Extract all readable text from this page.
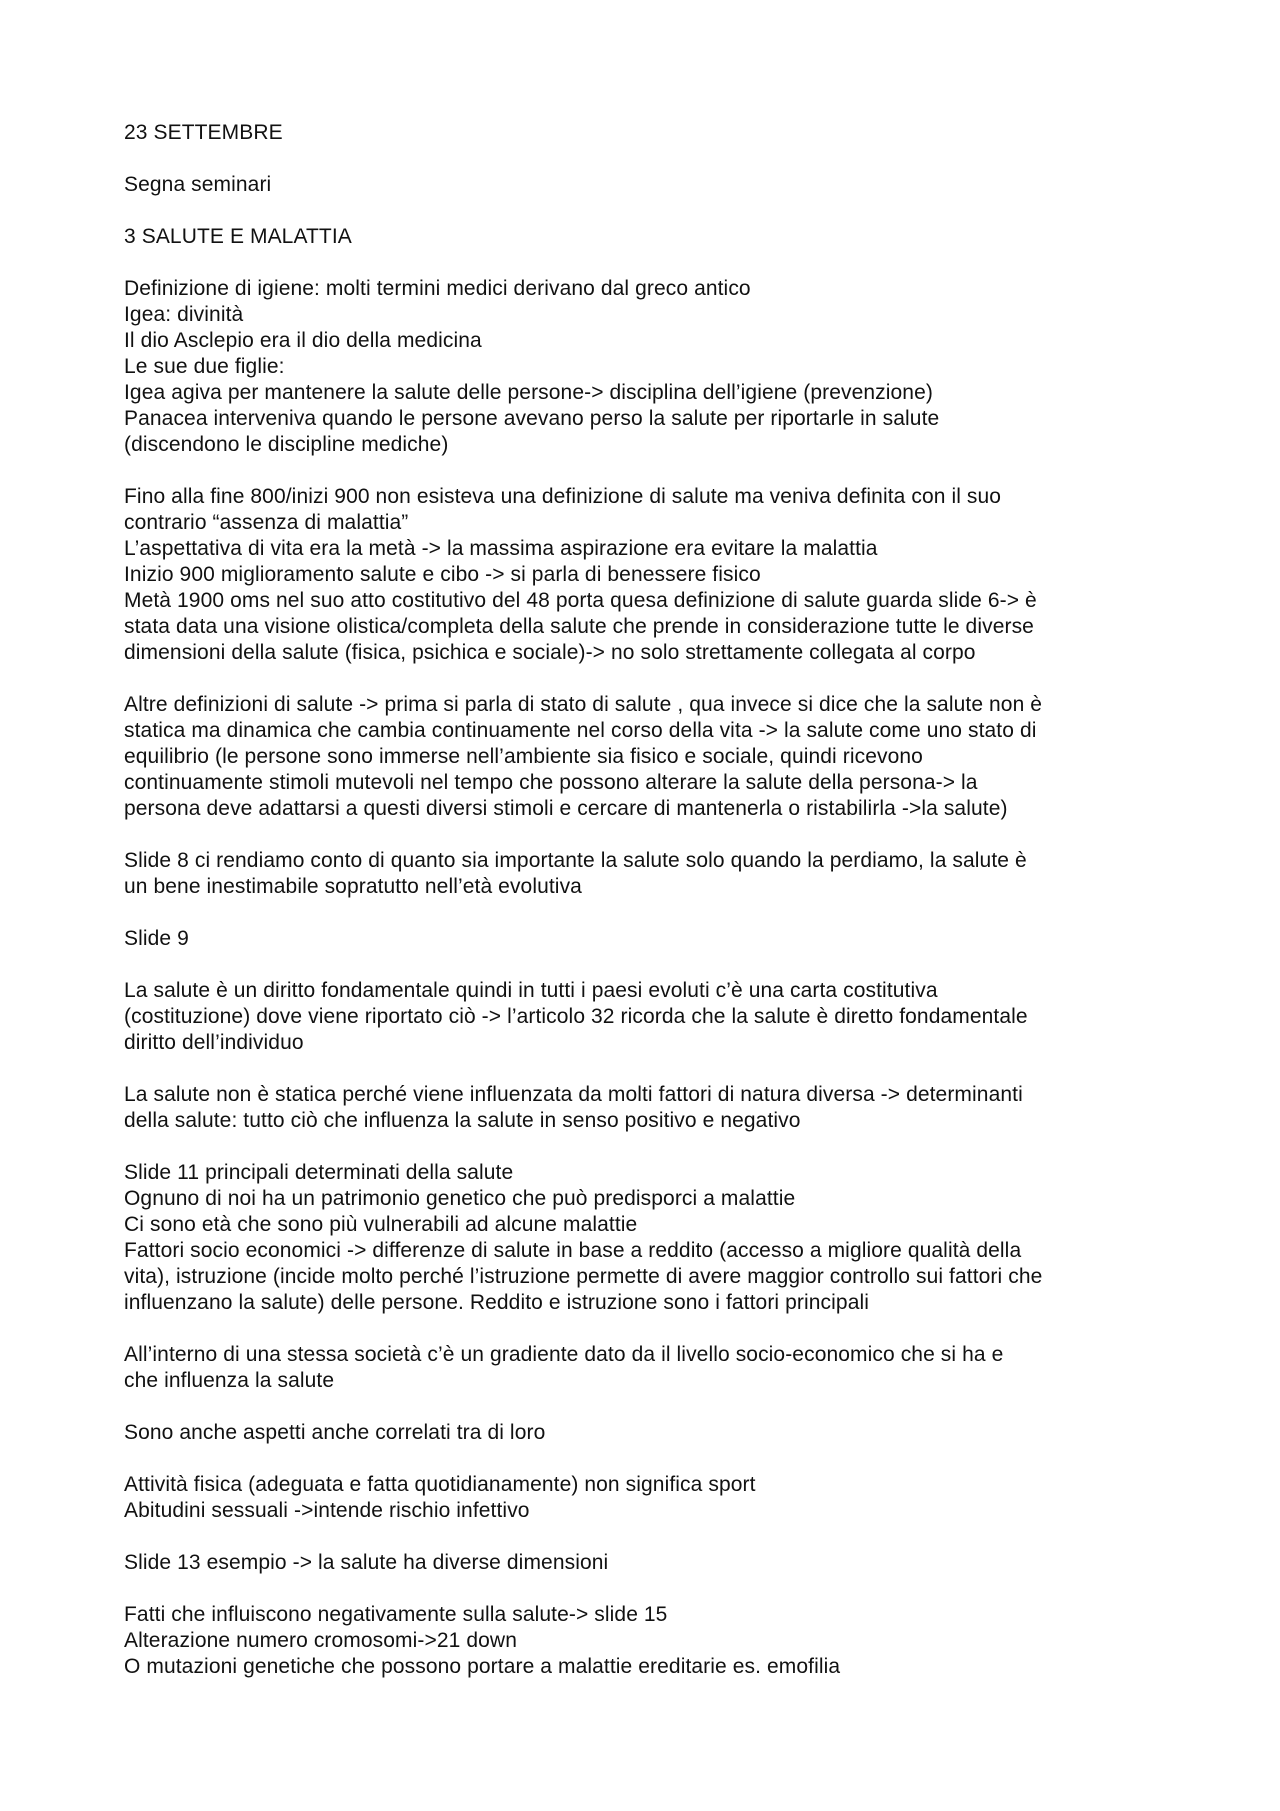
23 SETTEMBRE
Segna seminari
3 SALUTE E MALATTIA
Definizione di igiene: molti termini medici derivano dal greco antico
Igea: divinità
Il dio Asclepio era il dio della medicina
Le sue due figlie:
Igea agiva per mantenere la salute delle persone-> disciplina dell’igiene (prevenzione)
Panacea interveniva quando le persone avevano perso la salute per riportarle in salute
(discendono le discipline mediche)
Fino alla fine 800/inizi 900 non esisteva una definizione di salute ma veniva definita con il suo
contrario “assenza di malattia”
L’aspettativa di vita era la metà -> la massima aspirazione era evitare la malattia
Inizio 900 miglioramento salute e cibo -> si parla di benessere fisico
Metà 1900 oms nel suo atto costitutivo del 48 porta quesa definizione di salute guarda slide 6-> è
stata data una visione olistica/completa della salute che prende in considerazione tutte le diverse
dimensioni della salute (fisica, psichica e sociale)-> no solo strettamente collegata al corpo
Altre definizioni di salute -> prima si parla di stato di salute , qua invece si dice che la salute non è
statica ma dinamica che cambia continuamente nel corso della vita -> la salute come uno stato di
equilibrio (le persone sono immerse nell’ambiente sia fisico e sociale, quindi ricevono
continuamente stimoli mutevoli nel tempo che possono alterare la salute della persona-> la
persona deve adattarsi a questi diversi stimoli e cercare di mantenerla o ristabilirla ->la salute)
Slide 8 ci rendiamo conto di quanto sia importante la salute solo quando la perdiamo, la salute è
un bene inestimabile sopratutto nell’età evolutiva
Slide 9
La salute è un diritto fondamentale quindi in tutti i paesi evoluti c’è una carta costitutiva
(costituzione) dove viene riportato ciò -> l’articolo 32 ricorda che la salute è diretto fondamentale
diritto dell’individuo
La salute non è statica perché viene influenzata da molti fattori di natura diversa -> determinanti
della salute: tutto ciò che influenza la salute in senso positivo e negativo
Slide 11 principali determinati della salute
Ognuno di noi ha un patrimonio genetico che può predisporci a malattie
Ci sono età che sono più vulnerabili ad alcune malattie
Fattori socio economici -> differenze di salute in base a reddito (accesso a migliore qualità della
vita), istruzione (incide molto perché l’istruzione permette di avere maggior controllo sui fattori che
influenzano la salute) delle persone. Reddito e istruzione sono i fattori principali
All’interno di una stessa società c’è un gradiente dato da il livello socio-economico che si ha e
che influenza la salute
Sono anche aspetti anche correlati tra di loro
Attività fisica (adeguata e fatta quotidianamente) non significa sport
Abitudini sessuali ->intende rischio infettivo
Slide 13 esempio -> la salute ha diverse dimensioni
Fatti che influiscono negativamente sulla salute-> slide 15
Alterazione numero cromosomi->21 down
O mutazioni genetiche che possono portare a malattie ereditarie es. emofilia
